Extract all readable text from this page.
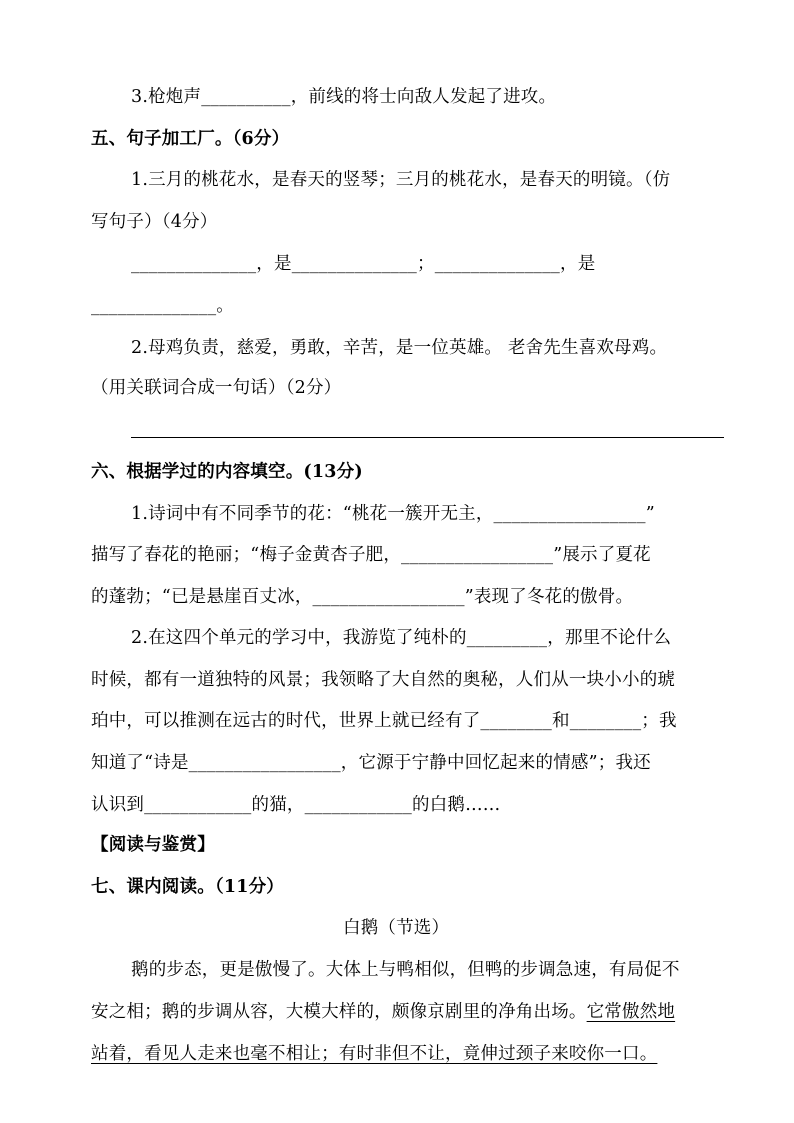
3.枪炮声__________，前线的将士向敌人发起了进攻。
五、句子加工厂。（6分）
1.三月的桃花水，是春天的竖琴；三月的桃花水，是春天的明镜。（仿
写句子）（4分）
______________，是______________；______________，是
______________。
2.母鸡负责，慈爱，勇敢，辛苦，是一位英雄。 老舍先生喜欢母鸡。
（用关联词合成一句话）（2分）
六、根据学过的内容填空。(13分)
1.诗词中有不同季节的花：“桃花一簇开无主，_________________”
描写了春花的艳丽；“梅子金黄杏子肥，_________________”展示了夏花
的蓬勃；“已是悬崖百丈冰，_________________”表现了冬花的傲骨。
2.在这四个单元的学习中，我游览了纯朴的_________，那里不论什么
时候，都有一道独特的风景；我领略了大自然的奥秘，人们从一块小小的琥
珀中，可以推测在远古的时代，世界上就已经有了________和________；我
知道了“诗是_________________，它源于宁静中回忆起来的情感”；我还
认识到____________的猫，____________的白鹅……
【阅读与鉴赏】
七、课内阅读。（11分）
白鹅（节选）
鹅的步态，更是傲慢了。大体上与鸭相似，但鸭的步调急速，有局促不
安之相；鹅的步调从容，大模大样的，颇像京剧里的净角出场。它常傲然地
站着，看见人走来也毫不相让；有时非但不让，竟伸过颈子来咬你一口。
